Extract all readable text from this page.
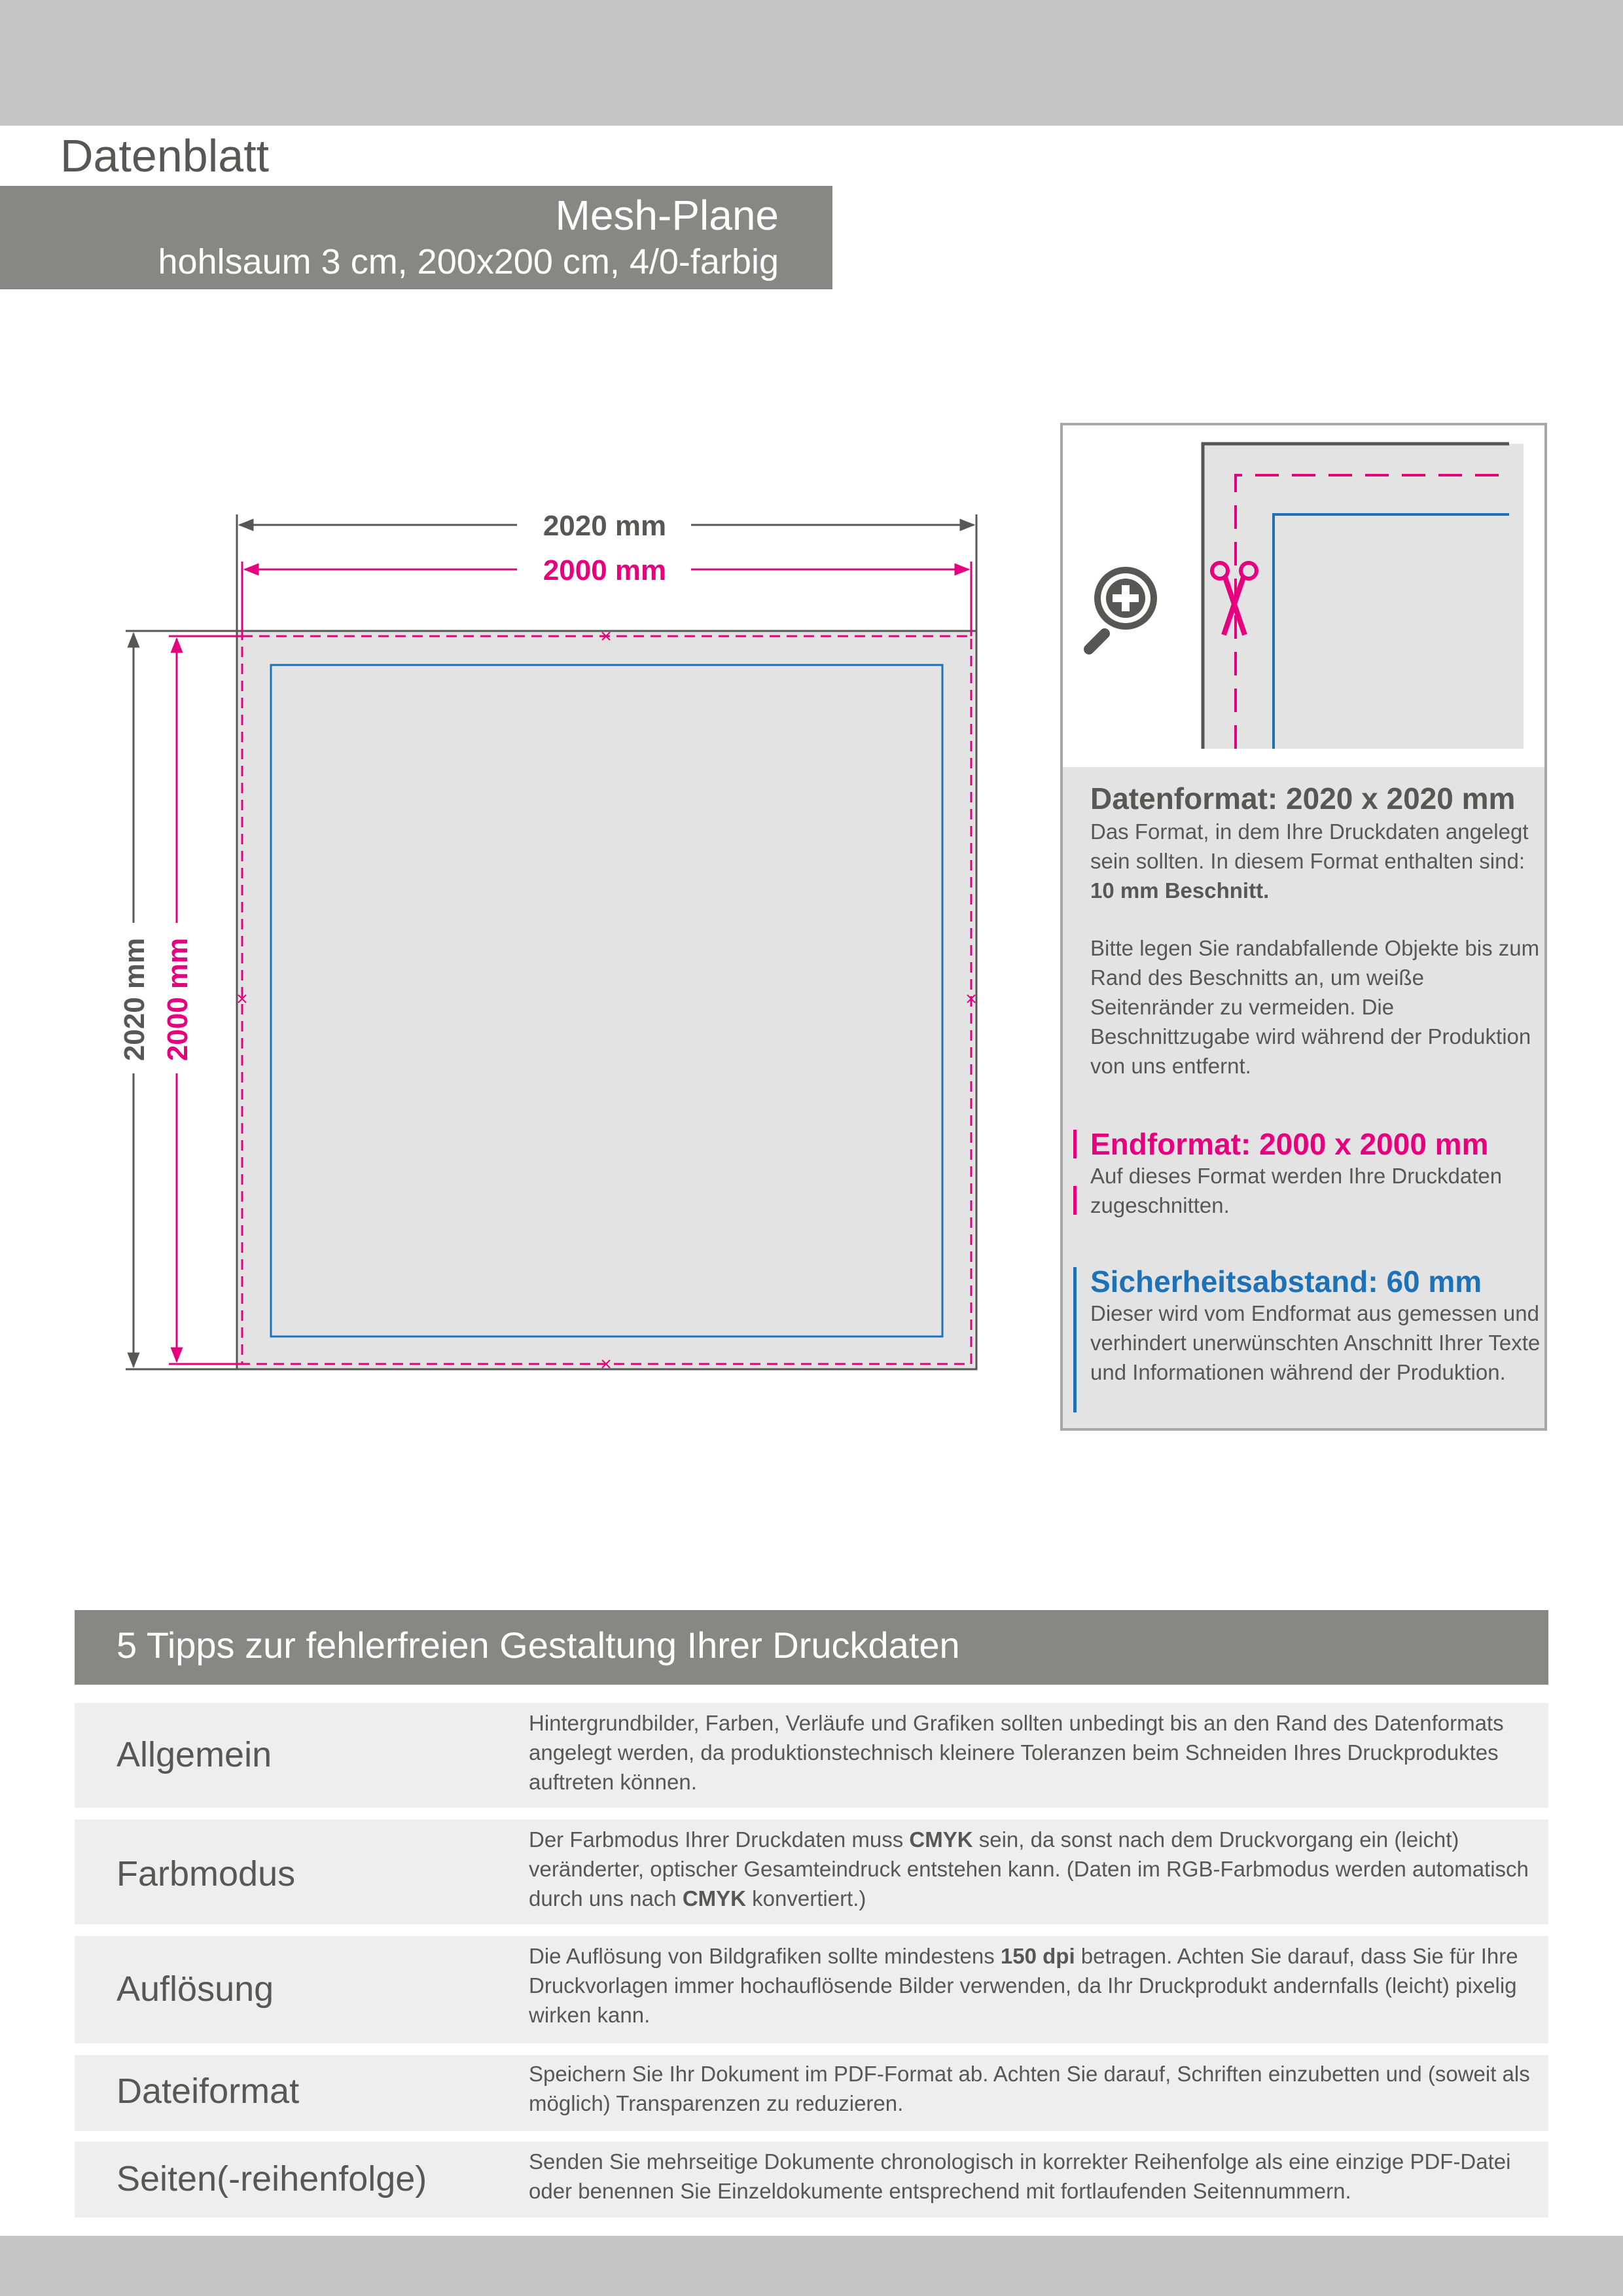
Datenblatt
Mesh-Plane
hohlsaum 3 cm, 200x200 cm, 4/0-farbig
2020 mm
2000 mm
2020 mm 2000 mm
Datenformat: 2020 x 2020 mm
Das Format, in dem Ihre Druckdaten angelegt sein sollten. In diesem Format enthalten sind: 10 mm Beschnitt.
Bitte legen Sie randabfallende Objekte bis zum Rand des Beschnitts an, um weiße Seitenränder zu vermeiden. Die Beschnittzugabe wird während der Produktion von uns entfernt.
Endformat: 2000 x 2000 mm
Auf dieses Format werden Ihre Druckdaten zugeschnitten.
Sicherheitsabstand: 60 mm
Dieser wird vom Endformat aus gemessen und verhindert unerwünschten Anschnitt Ihrer Texte und Informationen während der Produktion.
5 Tipps zur fehlerfreien Gestaltung Ihrer Druckdaten
Allgemein
Hintergrundbilder, Farben, Verläufe und Grafiken sollten unbedingt bis an den Rand des Datenformats angelegt werden, da produktionstechnisch kleinere Toleranzen beim Schneiden Ihres Druckproduktes auftreten können.
Farbmodus
Der Farbmodus Ihrer Druckdaten muss CMYK sein, da sonst nach dem Druckvorgang ein (leicht) veränderter, optischer Gesamteindruck entstehen kann. (Daten im RGB-Farbmodus werden automatisch durch uns nach CMYK konvertiert.)
Auflösung
Die Auflösung von Bildgrafiken sollte mindestens 150 dpi betragen. Achten Sie darauf, dass Sie für Ihre Druckvorlagen immer hochauflösende Bilder verwenden, da Ihr Druckprodukt andernfalls (leicht) pixelig wirken kann.
Dateiformat	Speichern Sie Ihr Dokument im PDF-Format ab. Achten Sie darauf, Schriften einzubetten und (soweit als möglich) Transparenzen zu reduzieren.
Seiten(-reihenfolge)	Senden Sie mehrseitige Dokumente chronologisch in korrekter Reihenfolge als eine einzige PDF-Datei oder benennen Sie Einzeldokumente entsprechend mit fortlaufenden Seitennummern.
